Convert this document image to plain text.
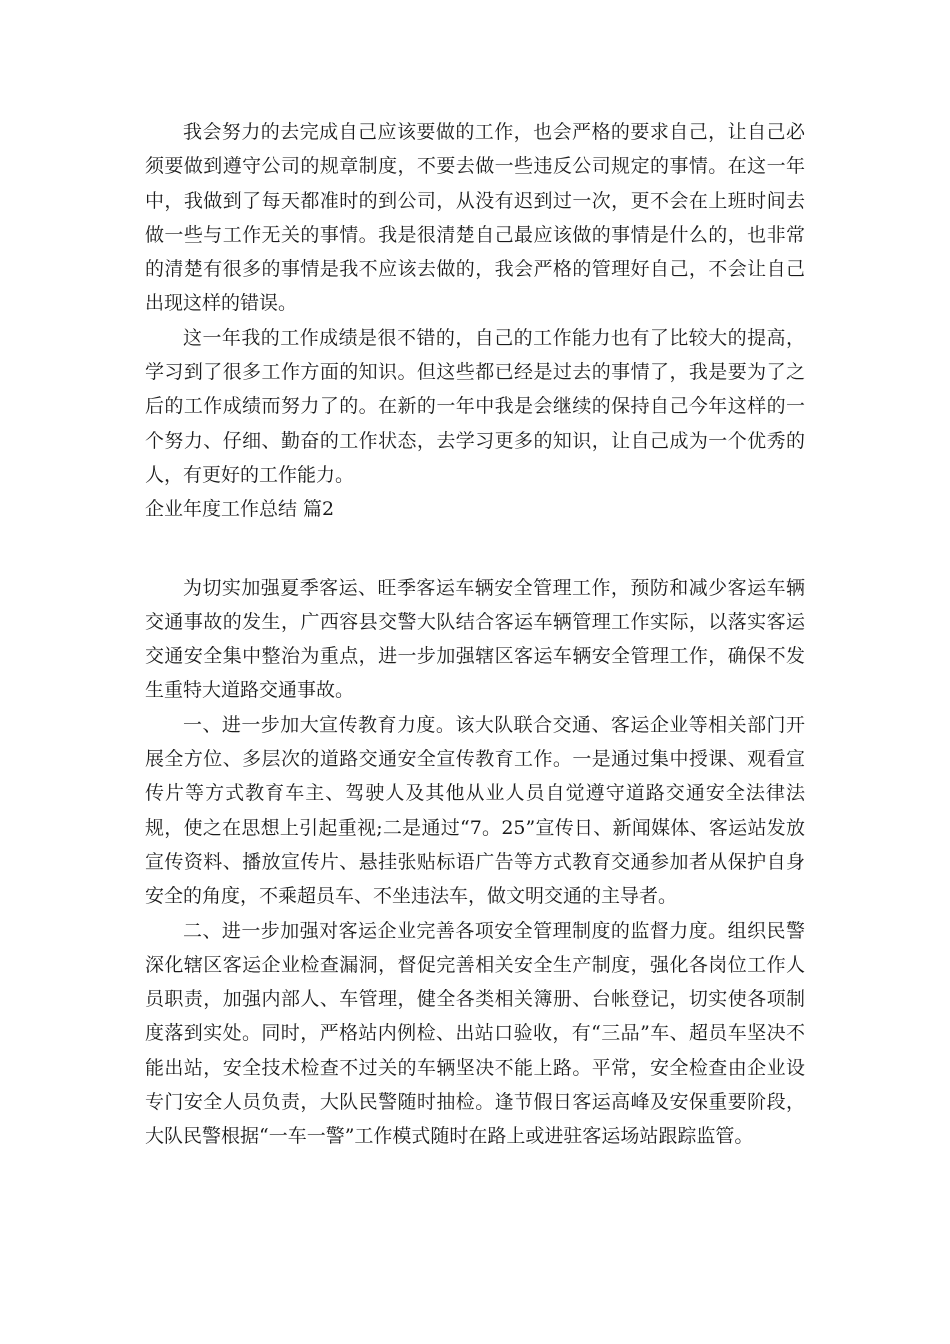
我会努力的去完成自己应该要做的工作，也会严格的要求自己，让自己必须要做到遵守公司的规章制度，不要去做一些违反公司规定的事情。在这一年中，我做到了每天都准时的到公司，从没有迟到过一次，更不会在上班时间去做一些与工作无关的事情。我是很清楚自己最应该做的事情是什么的，也非常的清楚有很多的事情是我不应该去做的，我会严格的管理好自己，不会让自己出现这样的错误。

这一年我的工作成绩是很不错的，自己的工作能力也有了比较大的提高，学习到了很多工作方面的知识。但这些都已经是过去的事情了，我是要为了之后的工作成绩而努力了的。在新的一年中我是会继续的保持自己今年这样的一个努力、仔细、勤奋的工作状态，去学习更多的知识，让自己成为一个优秀的人，有更好的工作能力。

企业年度工作总结 篇2

为切实加强夏季客运、旺季客运车辆安全管理工作，预防和减少客运车辆交通事故的发生，广西容县交警大队结合客运车辆管理工作实际，以落实客运交通安全集中整治为重点，进一步加强辖区客运车辆安全管理工作，确保不发生重特大道路交通事故。

一、进一步加大宣传教育力度。该大队联合交通、客运企业等相关部门开展全方位、多层次的道路交通安全宣传教育工作。一是通过集中授课、观看宣传片等方式教育车主、驾驶人及其他从业人员自觉遵守道路交通安全法律法规，使之在思想上引起重视;二是通过“7。25”宣传日、新闻媒体、客运站发放宣传资料、播放宣传片、悬挂张贴标语广告等方式教育交通参加者从保护自身安全的角度，不乘超员车、不坐违法车，做文明交通的主导者。

二、进一步加强对客运企业完善各项安全管理制度的监督力度。组织民警深化辖区客运企业检查漏洞，督促完善相关安全生产制度，强化各岗位工作人员职责，加强内部人、车管理，健全各类相关簿册、台帐登记，切实使各项制度落到实处。同时，严格站内例检、出站口验收，有“三品”车、超员车坚决不能出站，安全技术检查不过关的车辆坚决不能上路。平常，安全检查由企业设专门安全人员负责，大队民警随时抽检。逢节假日客运高峰及安保重要阶段，大队民警根据“一车一警”工作模式随时在路上或进驻客运场站跟踪监管。
